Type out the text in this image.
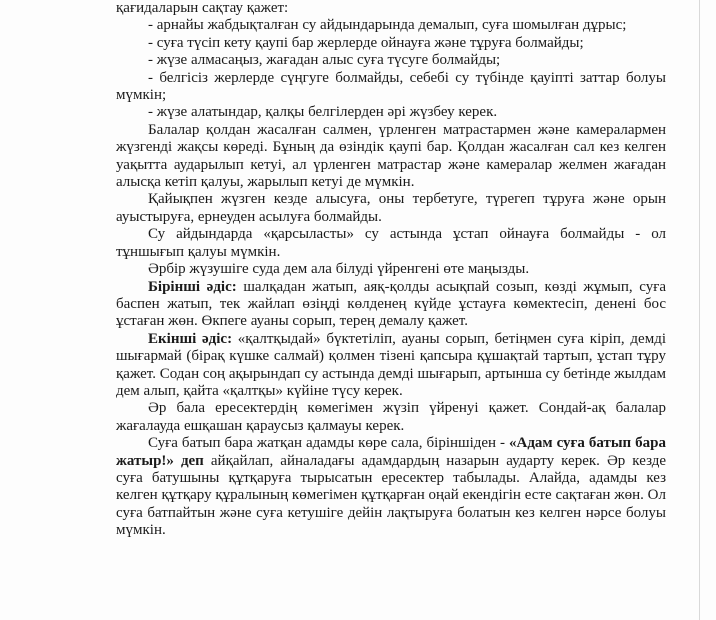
қағидаларын сақтау қажет:

- арнайы жабдықталған су айдындарында демалып, суға шомылған дұрыс;

- суға түсіп кету қаупі бар жерлерде ойнауға және тұруға болмайды;

- жүзе алмасаңыз, жағадан алыс суға түсуге болмайды;

- белгісіз жерлерде сүңгуге болмайды, себебі су түбінде қауіпті заттар болуы мүмкін;

- жүзе алатындар, қалқы белгілерден әрі жүзбеу керек.

Балалар қолдан жасалған салмен, үрленген матрастармен және камералармен жүзгенді жақсы көреді. Бұның да өзіндік қаупі бар. Қолдан жасалған сал кез келген уақытта аударылып кетуі, ал үрленген матрастар және камералар желмен жағадан алысқа кетіп қалуы, жарылып кетуі де мүмкін.

Қайықпен жүзген кезде алысуға, оны тербетуге, түрегеп тұруға және орын ауыстыруға, ернеуден асылуға болмайды.

Су айдындарда «қарсыласты» су астында ұстап ойнауға болмайды - ол тұншығып қалуы мүмкін.

Әрбір жүзушіге суда дем ала білуді үйренгені өте маңызды.

Бірінші әдіс: шалқадан жатып, аяқ-қолды асықпай созып, көзді жұмып, суға баспен жатып, тек жайлап өзіңді көлденең күйде ұстауға көмектесіп, денені бос ұстаған жөн. Өкпеге ауаны сорып, терең демалу қажет.

Екінші әдіс: «қалтқыдай» бүктетіліп, ауаны сорып, бетіңмен суға кіріп, демді шығармай (бірақ күшке салмай) қолмен тізені қапсыра құшақтай тартып, ұстап тұру қажет. Содан соң ақырындап су астында демді шығарып, артынша су бетінде жылдам дем алып, қайта «қалтқы» күйіне түсу керек.

Әр бала ересектердің көмегімен жүзіп үйренуі қажет. Сондай-ақ балалар жағалауда ешқашан қараусыз қалмауы керек.

Суға батып бара жатқан адамды көре сала, біріншіден - «Адам суға батып бара жатыр!» деп айқайлап, айналадағы адамдардың назарын аударту керек. Әр кезде суға батушыны құтқаруға тырысатын ересектер табылады. Алайда, адамды кез келген құтқару құралының көмегімен құтқарған оңай екендігін есте сақтаған жөн. Ол суға батпайтын және суға кетушіге дейін лақтыруға болатын кез келген нәрсе болуы мүмкін.
